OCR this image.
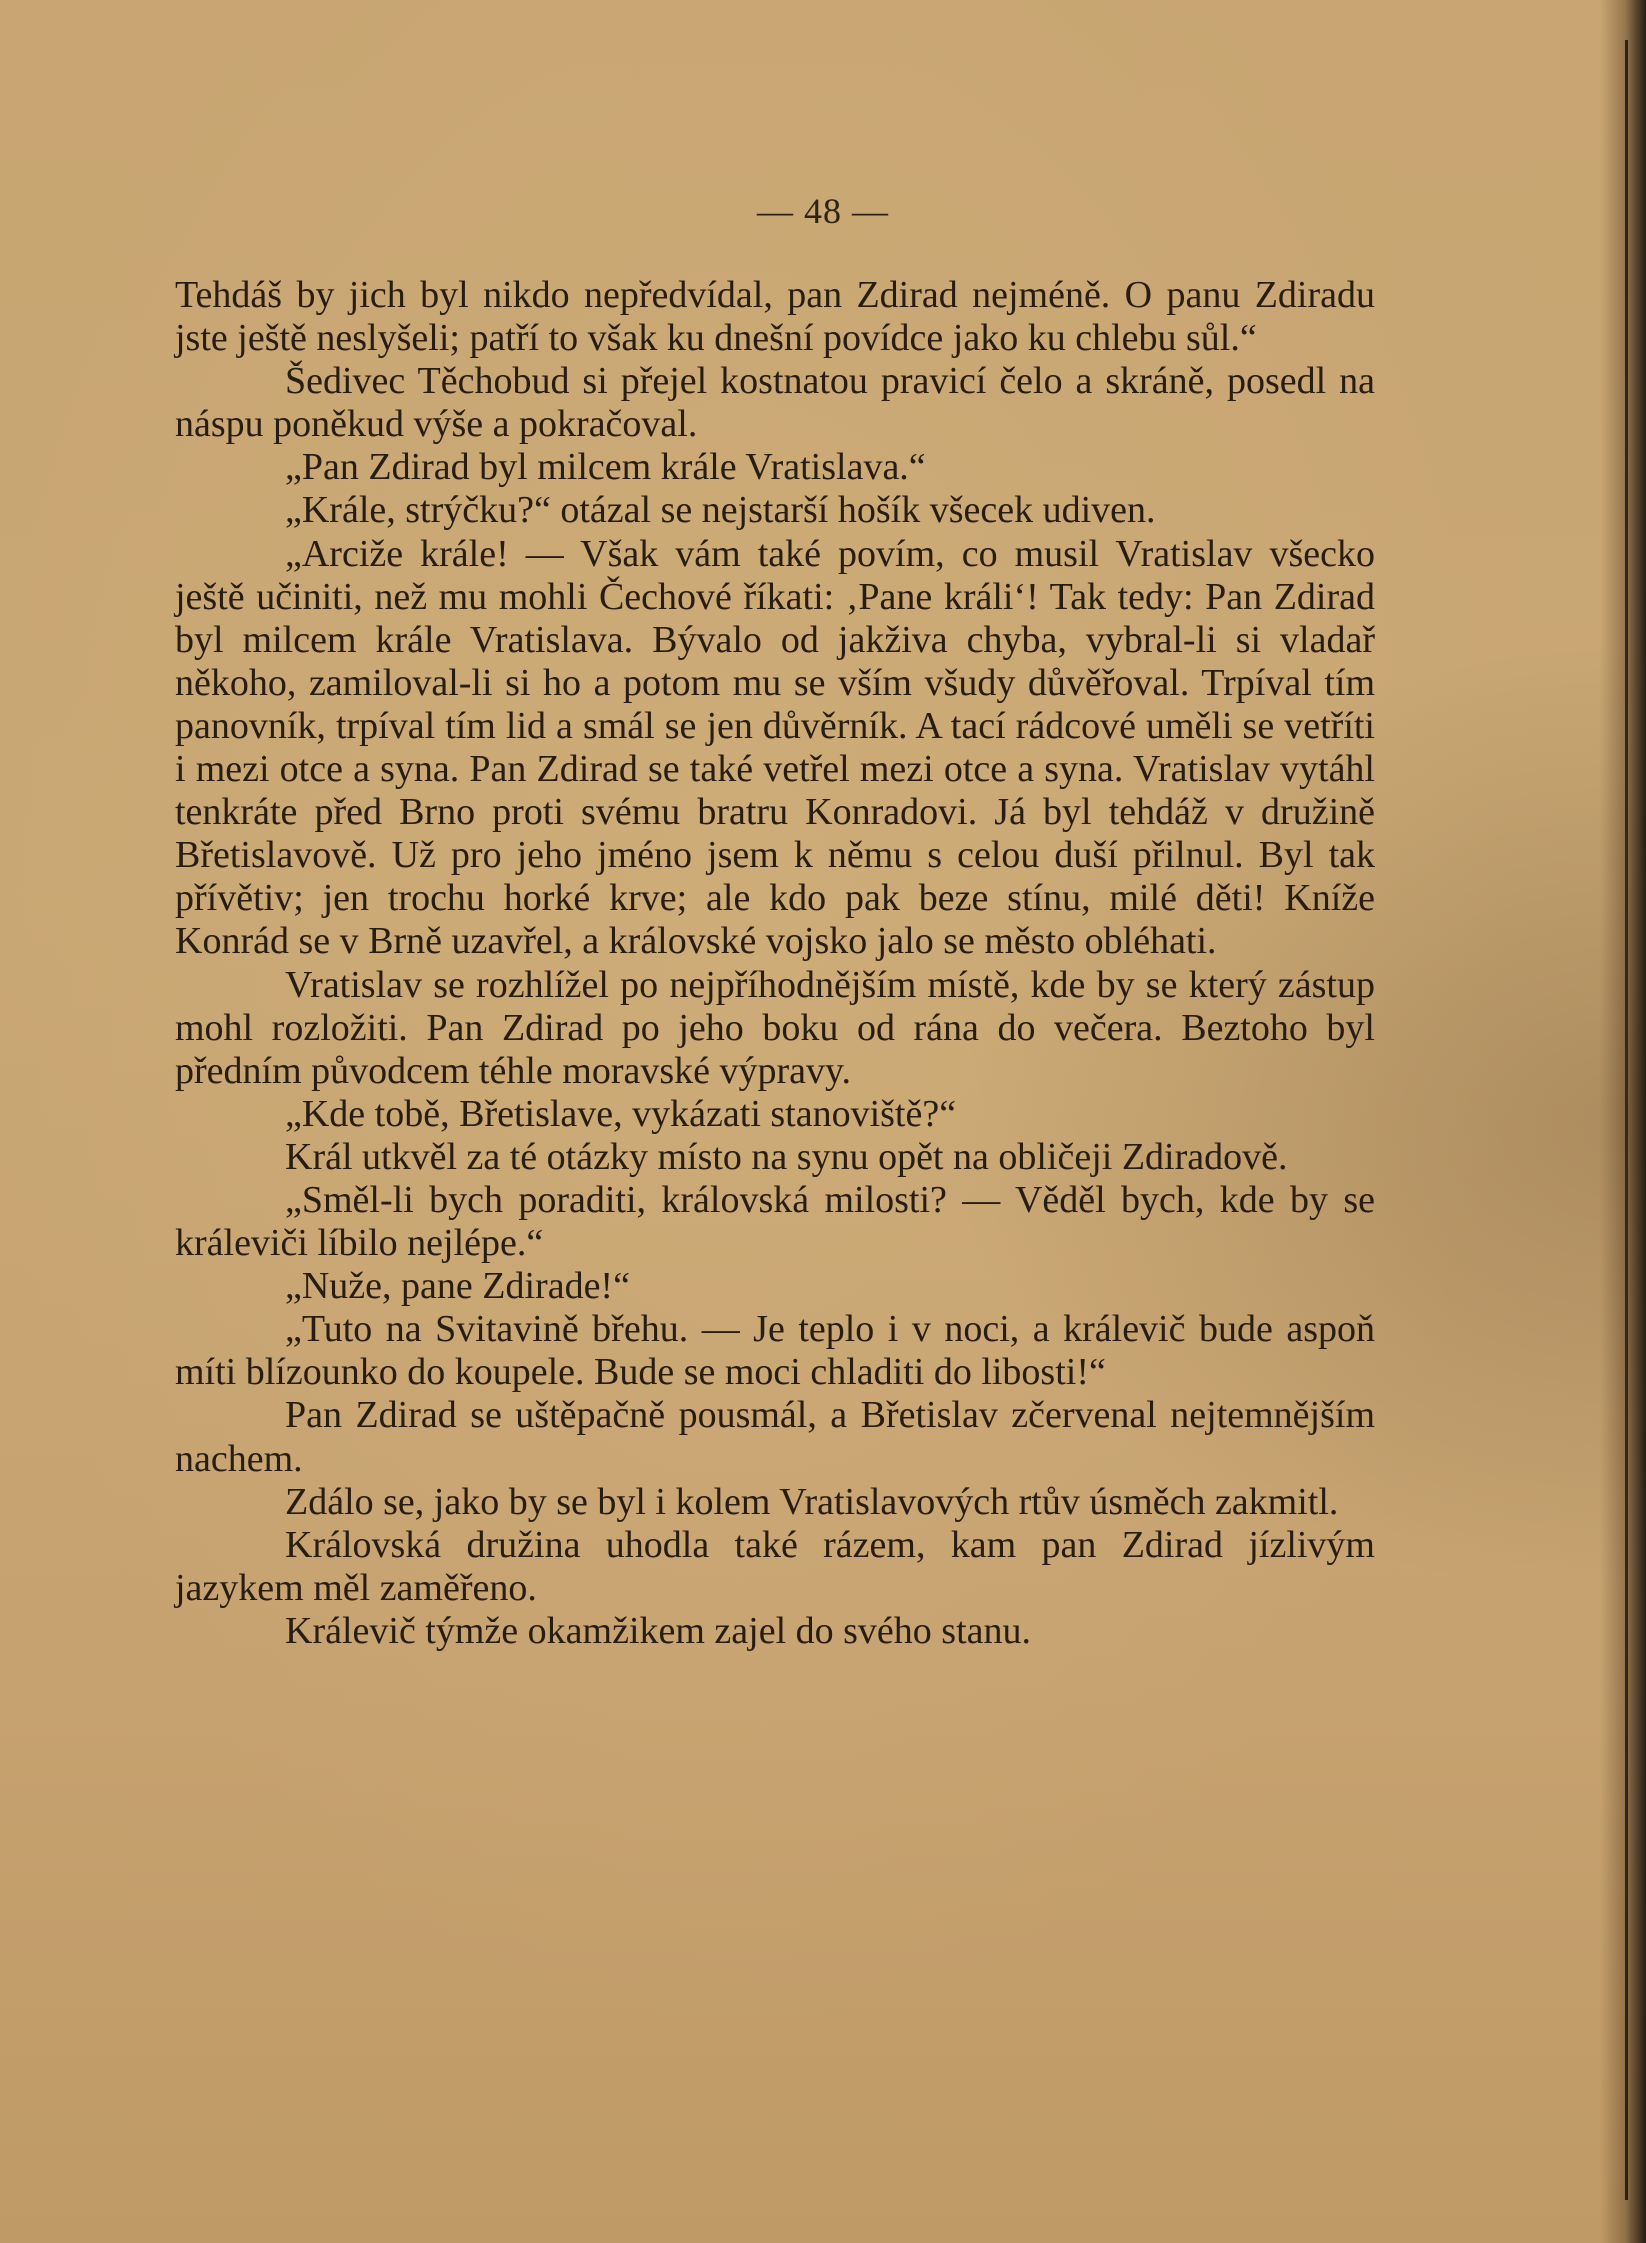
— 48 —

Tehdáš by jich byl nikdo nepředvídal, pan Zdirad nejméně. O panu Zdiradu jste ještě neslyšeli; patří to však ku dnešní povídce jako ku chlebu sůl.“

Šedivec Těchobud si přejel kostnatou pravicí čelo a skráně, posedl na náspu poněkud výše a pokračoval.

„Pan Zdirad byl milcem krále Vratislava.“

„Krále, strýčku?“ otázal se nejstarší hošík všecek udiven.

„Arciže krále! — Však vám také povím, co musil Vratislav všecko ještě učiniti, než mu mohli Čechové říkati: ‚Pane králi‘! Tak tedy: Pan Zdirad byl milcem krále Vratislava. Bývalo od jakživa chyba, vybral-li si vladař někoho, zamiloval-li si ho a potom mu se vším všudy důvěřoval. Trpíval tím panovník, trpíval tím lid a smál se jen důvěrník. A tací rádcové uměli se vetříti i mezi otce a syna. Pan Zdirad se také vetřel mezi otce a syna. Vratislav vytáhl tenkráte před Brno proti svému bratru Konradovi. Já byl tehdáž v družině Břetislavově. Už pro jeho jméno jsem k němu s celou duší přilnul. Byl tak přívětiv; jen trochu horké krve; ale kdo pak beze stínu, milé děti! Kníže Konrád se v Brně uzavřel, a královské vojsko jalo se město obléhati.

Vratislav se rozhlížel po nejpříhodnějším místě, kde by se který zástup mohl rozložiti. Pan Zdirad po jeho boku od rána do večera. Beztoho byl předním původcem téhle moravské výpravy.

„Kde tobě, Břetislave, vykázati stanoviště?“

Král utkvěl za té otázky místo na synu opět na obličeji Zdiradově.

„Směl-li bych poraditi, královská milosti? — Věděl bych, kde by se králeviči líbilo nejlépe.“

„Nuže, pane Zdirade!“

„Tuto na Svitavině břehu. — Je teplo i v noci, a králevič bude aspoň míti blízounko do koupele. Bude se moci chladiti do libosti!“

Pan Zdirad se uštěpačně pousmál, a Břetislav zčervenal nejtemnějším nachem.

Zdálo se, jako by se byl i kolem Vratislavových rtův úsměch zakmitl.

Královská družina uhodla také rázem, kam pan Zdirad jízlivým jazykem měl zaměřeno.

Králevič týmže okamžikem zajel do svého stanu.
